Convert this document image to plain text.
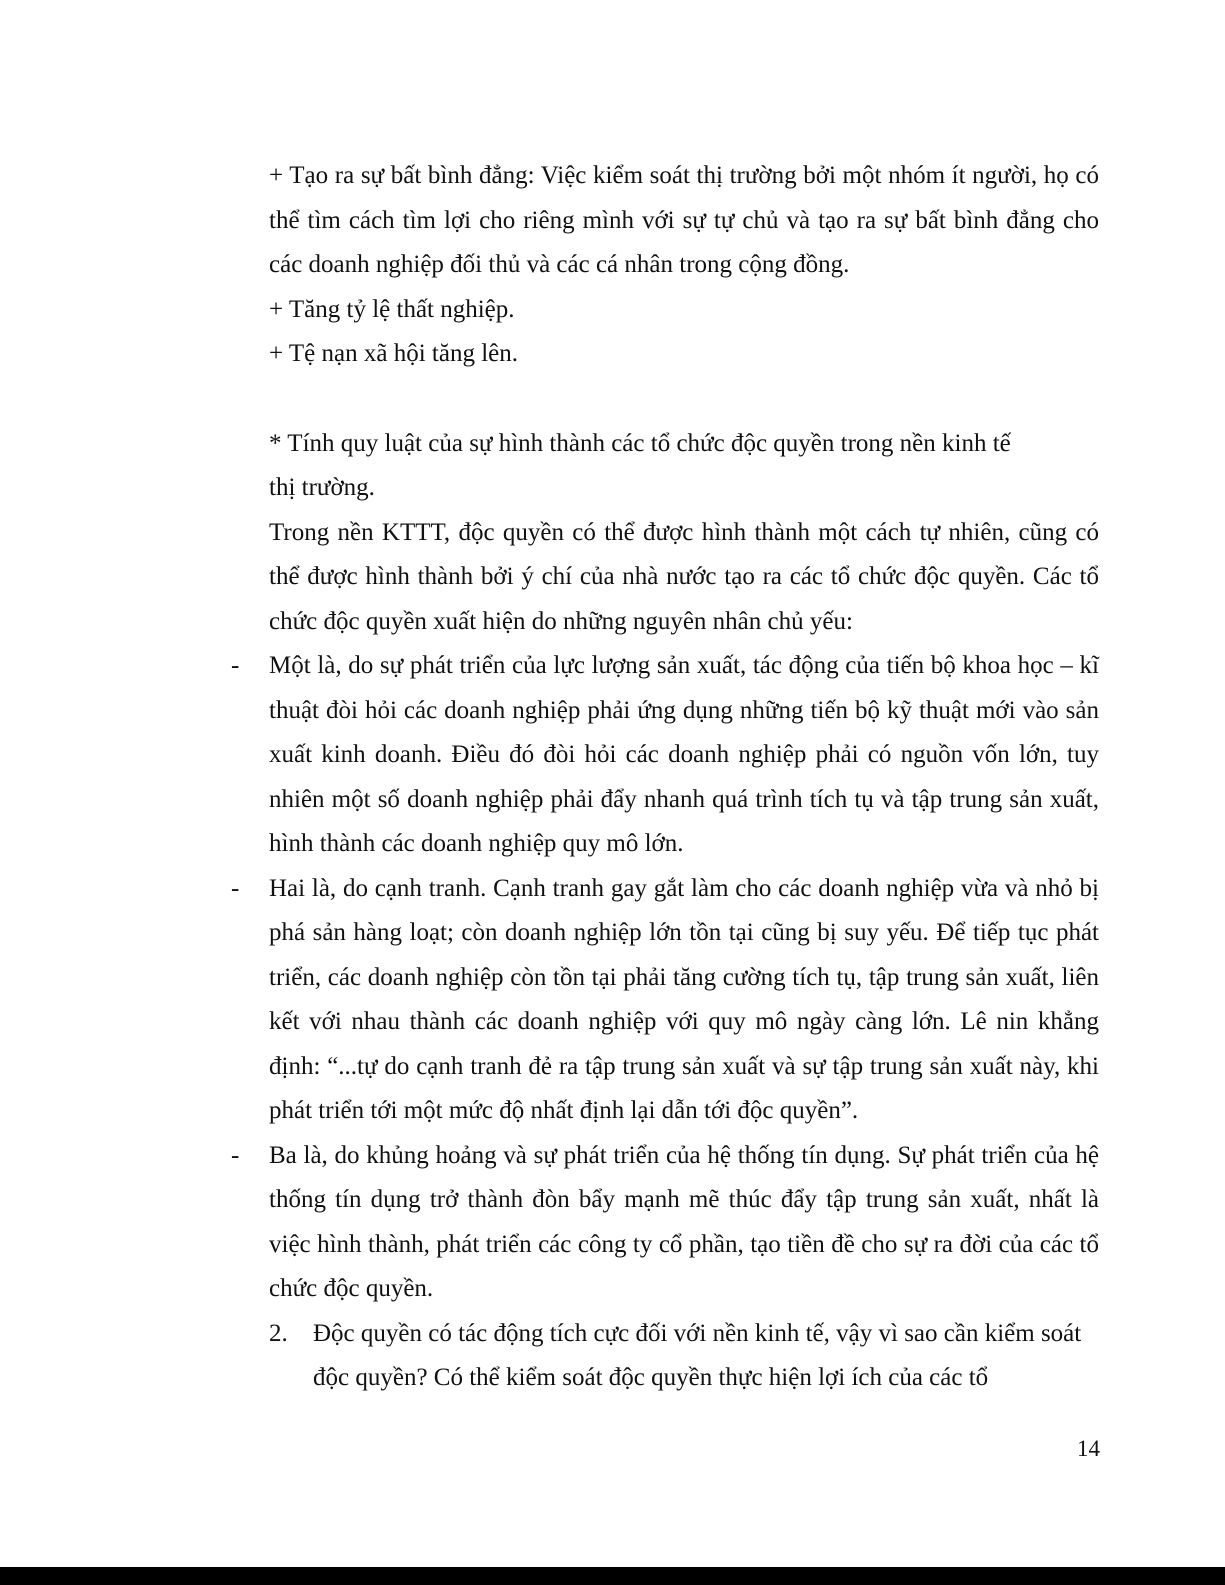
+ Tạo ra sự bất bình đẳng: Việc kiểm soát thị trường bởi một nhóm ít người, họ có thể tìm cách tìm lợi cho riêng mình với sự tự chủ và tạo ra sự bất bình đẳng cho các doanh nghiệp đối thủ và các cá nhân trong cộng đồng.

+ Tăng tỷ lệ thất nghiệp.

+ Tệ nạn xã hội tăng lên.

* Tính quy luật của sự hình thành các tổ chức độc quyền trong nền kinh tế

thị trường.

Trong nền KTTT, độc quyền có thể được hình thành một cách tự nhiên, cũng có thể được hình thành bởi ý chí của nhà nước tạo ra các tổ chức độc quyền. Các tổ chức độc quyền xuất hiện do những nguyên nhân chủ yếu:

- Một là, do sự phát triển của lực lượng sản xuất, tác động của tiến bộ khoa học – kĩ thuật đòi hỏi các doanh nghiệp phải ứng dụng những tiến bộ kỹ thuật mới vào sản xuất kinh doanh. Điều đó đòi hỏi các doanh nghiệp phải có nguồn vốn lớn, tuy nhiên một số doanh nghiệp phải đẩy nhanh quá trình tích tụ và tập trung sản xuất, hình thành các doanh nghiệp quy mô lớn.

- Hai là, do cạnh tranh. Cạnh tranh gay gắt làm cho các doanh nghiệp vừa và nhỏ bị phá sản hàng loạt; còn doanh nghiệp lớn tồn tại cũng bị suy yếu. Để tiếp tục phát triển, các doanh nghiệp còn tồn tại phải tăng cường tích tụ, tập trung sản xuất, liên kết với nhau thành các doanh nghiệp với quy mô ngày càng lớn. Lê nin khẳng định: “...tự do cạnh tranh đẻ ra tập trung sản xuất và sự tập trung sản xuất này, khi phát triển tới một mức độ nhất định lại dẫn tới độc quyền”.

- Ba là, do khủng hoảng và sự phát triển của hệ thống tín dụng. Sự phát triển của hệ thống tín dụng trở thành đòn bẩy mạnh mẽ thúc đẩy tập trung sản xuất, nhất là việc hình thành, phát triển các công ty cổ phần, tạo tiền đề cho sự ra đời của các tổ chức độc quyền.

2. Độc quyền có tác động tích cực đối với nền kinh tế, vậy vì sao cần kiểm soát độc quyền? Có thể kiểm soát độc quyền thực hiện lợi ích của các tổ

14
